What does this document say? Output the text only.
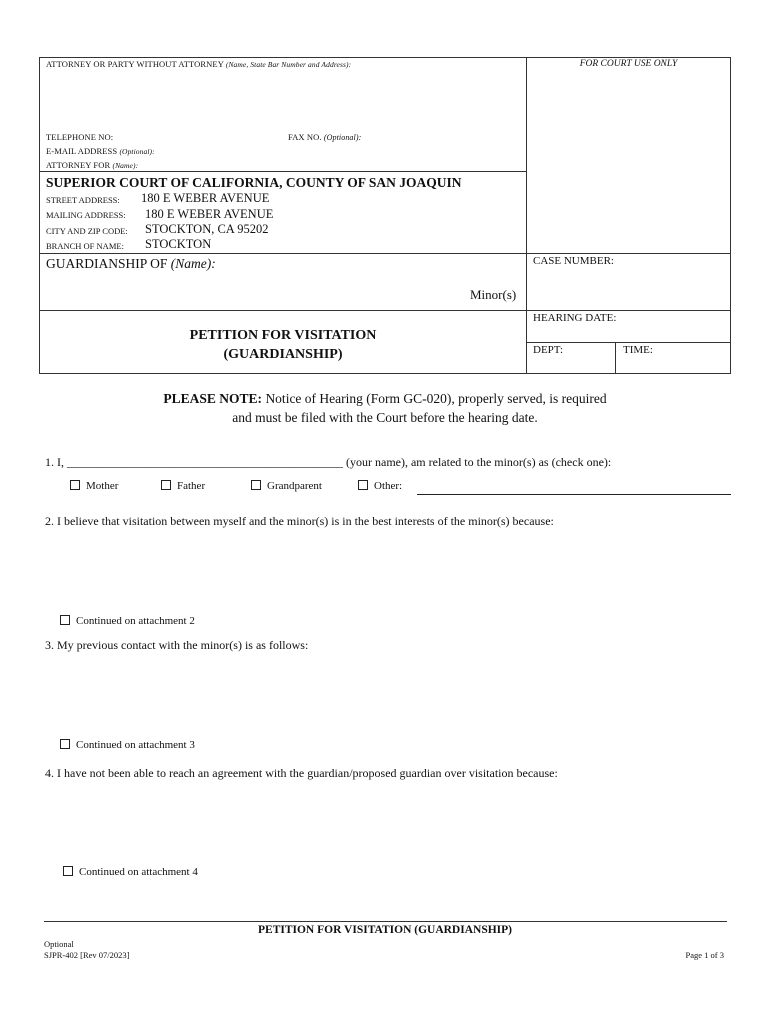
ATTORNEY OR PARTY WITHOUT ATTORNEY (Name, State Bar Number and Address):	FOR COURT USE ONLY
TELEPHONE NO:	FAX NO. (Optional):
E-MAIL ADDRESS (Optional):
ATTORNEY FOR (Name):
SUPERIOR COURT OF CALIFORNIA, COUNTY OF SAN JOAQUIN
STREET ADDRESS: 180 E WEBER AVENUE
MAILING ADDRESS: 180 E WEBER AVENUE
CITY AND ZIP CODE: STOCKTON, CA 95202
BRANCH OF NAME: STOCKTON
GUARDIANSHIP OF (Name):
Minor(s)
CASE NUMBER:
HEARING DATE:
DEPT:	TIME:
PETITION FOR VISITATION
(GUARDIANSHIP)
PLEASE NOTE: Notice of Hearing (Form GC-020), properly served, is required
and must be filed with the Court before the hearing date.
1. I, ______________________________________________ (your name), am related to the minor(s) as (check one):
Mother	Father	Grandparent	Other:
2. I believe that visitation between myself and the minor(s) is in the best interests of the minor(s) because:
Continued on attachment 2
3. My previous contact with the minor(s) is as follows:
Continued on attachment 3
4. I have not been able to reach an agreement with the guardian/proposed guardian over visitation because:
Continued on attachment 4
PETITION FOR VISITATION (GUARDIANSHIP)
Optional
SJPR-402 [Rev 07/2023]	Page 1 of 3
